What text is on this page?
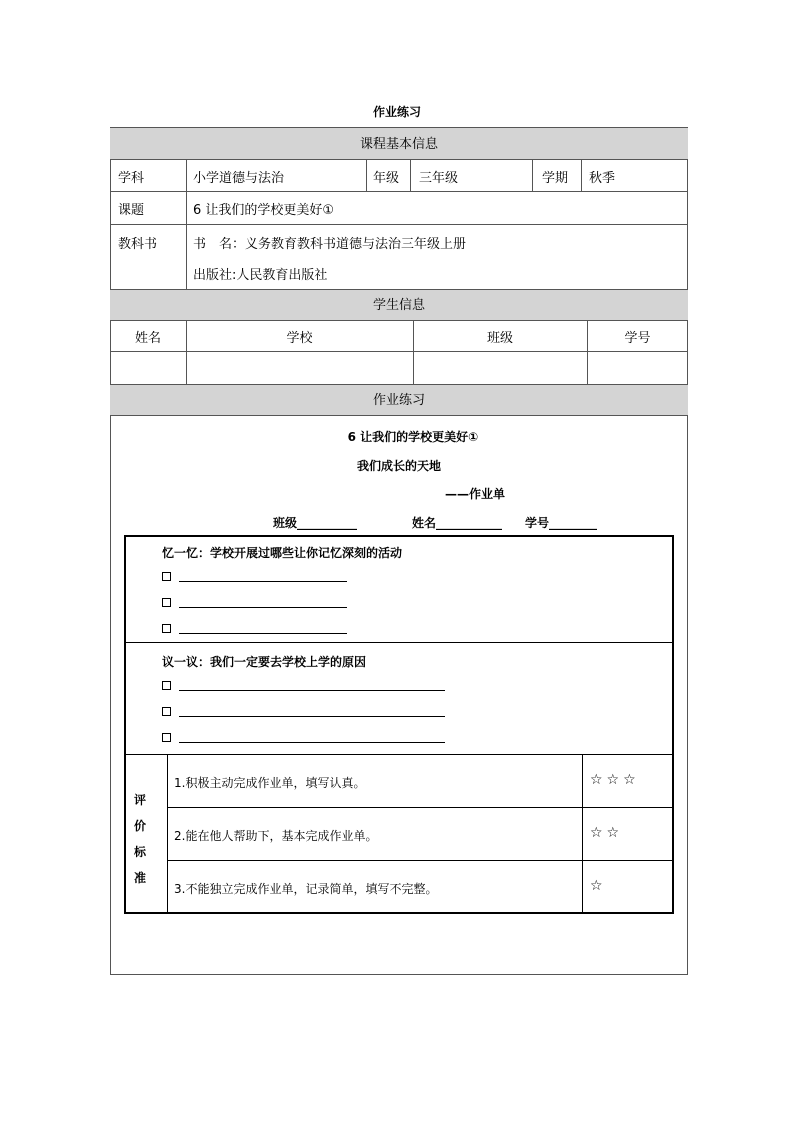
作业练习
课程基本信息
学科	小学道德与法治	年级	三年级	学期	秋季
课题	6 让我们的学校更美好①
教科书	书　名：义务教育教科书道德与法治三年级上册
出版社:人民教育出版社
学生信息
姓名	学校	班级	学号
作业练习
6 让我们的学校更美好①
我们成长的天地
——作业单
班级__________	姓名___________ 学号________
忆一忆：学校开展过哪些让你记忆深刻的活动
议一议：我们一定要去学校上学的原因
评
价
标
准
1.积极主动完成作业单，填写认真。	☆☆☆
2.能在他人帮助下，基本完成作业单。	☆☆
3.不能独立完成作业单，记录简单，填写不完整。	☆
